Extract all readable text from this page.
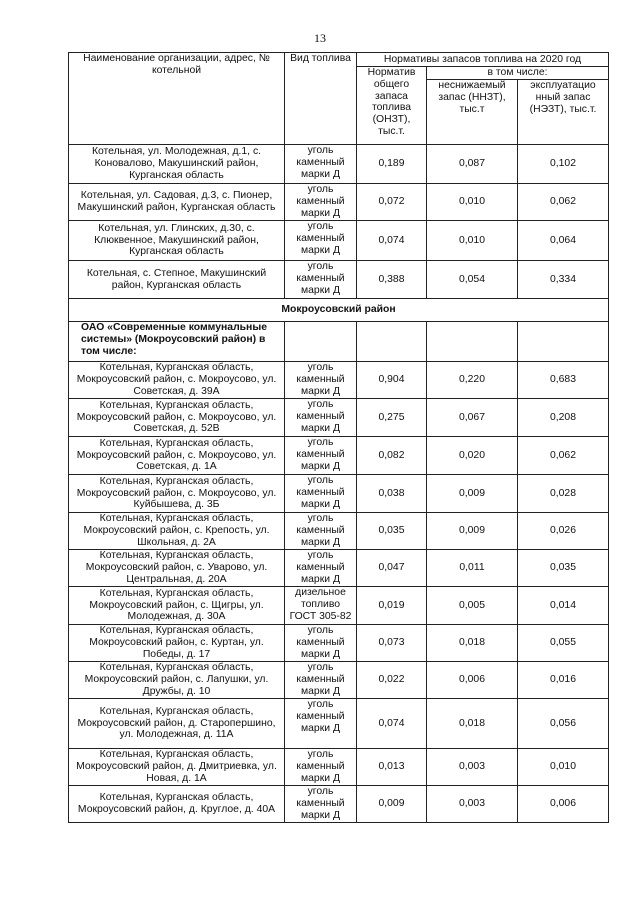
13
Наименование организации, адрес, № котельной	Вид топлива	Нормативы запасов топлива на 2020 год		
		Норматив общего запаса топлива (ОНЗТ), тыс.т.	в том числе:	
			неснижаемый запас (ННЗТ), тыс.т	эксплуатацио нный запас (НЭЗТ), тыс.т.
Котельная, ул. Молодежная, д.1, с. Коновалово, Макушинский район, Курганская область	уголь каменный марки Д	0,189	0,087	0,102
Котельная, ул. Садовая, д.3, с. Пионер, Макушинский район, Курганская область	уголь каменный марки Д	0,072	0,010	0,062
Котельная, ул. Глинских, д.30, с. Клюквенное, Макушинский район, Курганская область	уголь каменный марки Д	0,074	0,010	0,064
Котельная, с. Степное, Макушинский район, Курганская область	уголь каменный марки Д	0,388	0,054	0,334
Мокроусовский район				
ОАО «Современные коммунальные системы» (Мокроусовский район) в том числе:				
Котельная, Курганская область, Мокроусовский район, с. Мокроусово, ул. Советская, д. 39А	уголь каменный марки Д	0,904	0,220	0,683
Котельная, Курганская область, Мокроусовский район, с. Мокроусово, ул. Советская, д. 52В	уголь каменный марки Д	0,275	0,067	0,208
Котельная, Курганская область, Мокроусовский район, с. Мокроусово, ул. Советская, д. 1А	уголь каменный марки Д	0,082	0,020	0,062
Котельная, Курганская область, Мокроусовский район, с. Мокроусово, ул. Куйбышева, д. 3Б	уголь каменный марки Д	0,038	0,009	0,028
Котельная, Курганская область, Мокроусовский район, с. Крепость, ул. Школьная, д. 2А	уголь каменный марки Д	0,035	0,009	0,026
Котельная, Курганская область, Мокроусовский район, с. Уварово, ул. Центральная, д. 20А	уголь каменный марки Д	0,047	0,011	0,035
Котельная, Курганская область, Мокроусовский район, с. Щигры, ул. Молодежная, д. 30А	дизельное топливо ГОСТ 305-82	0,019	0,005	0,014
Котельная, Курганская область, Мокроусовский район, с. Куртан, ул. Победы, д. 17	уголь каменный марки Д	0,073	0,018	0,055
Котельная, Курганская область, Мокроусовский район, с. Лапушки, ул. Дружбы, д. 10	уголь каменный марки Д	0,022	0,006	0,016
Котельная, Курганская область, Мокроусовский район, д. Старопершино, ул. Молодежная, д. 11А	уголь каменный марки Д	0,074	0,018	0,056
Котельная, Курганская область, Мокроусовский район, д. Дмитриевка, ул. Новая, д. 1А	уголь каменный марки Д	0,013	0,003	0,010
Котельная, Курганская область, Мокроусовский район, д. Круглое, д. 40А	уголь каменный марки Д	0,009	0,003	0,006
